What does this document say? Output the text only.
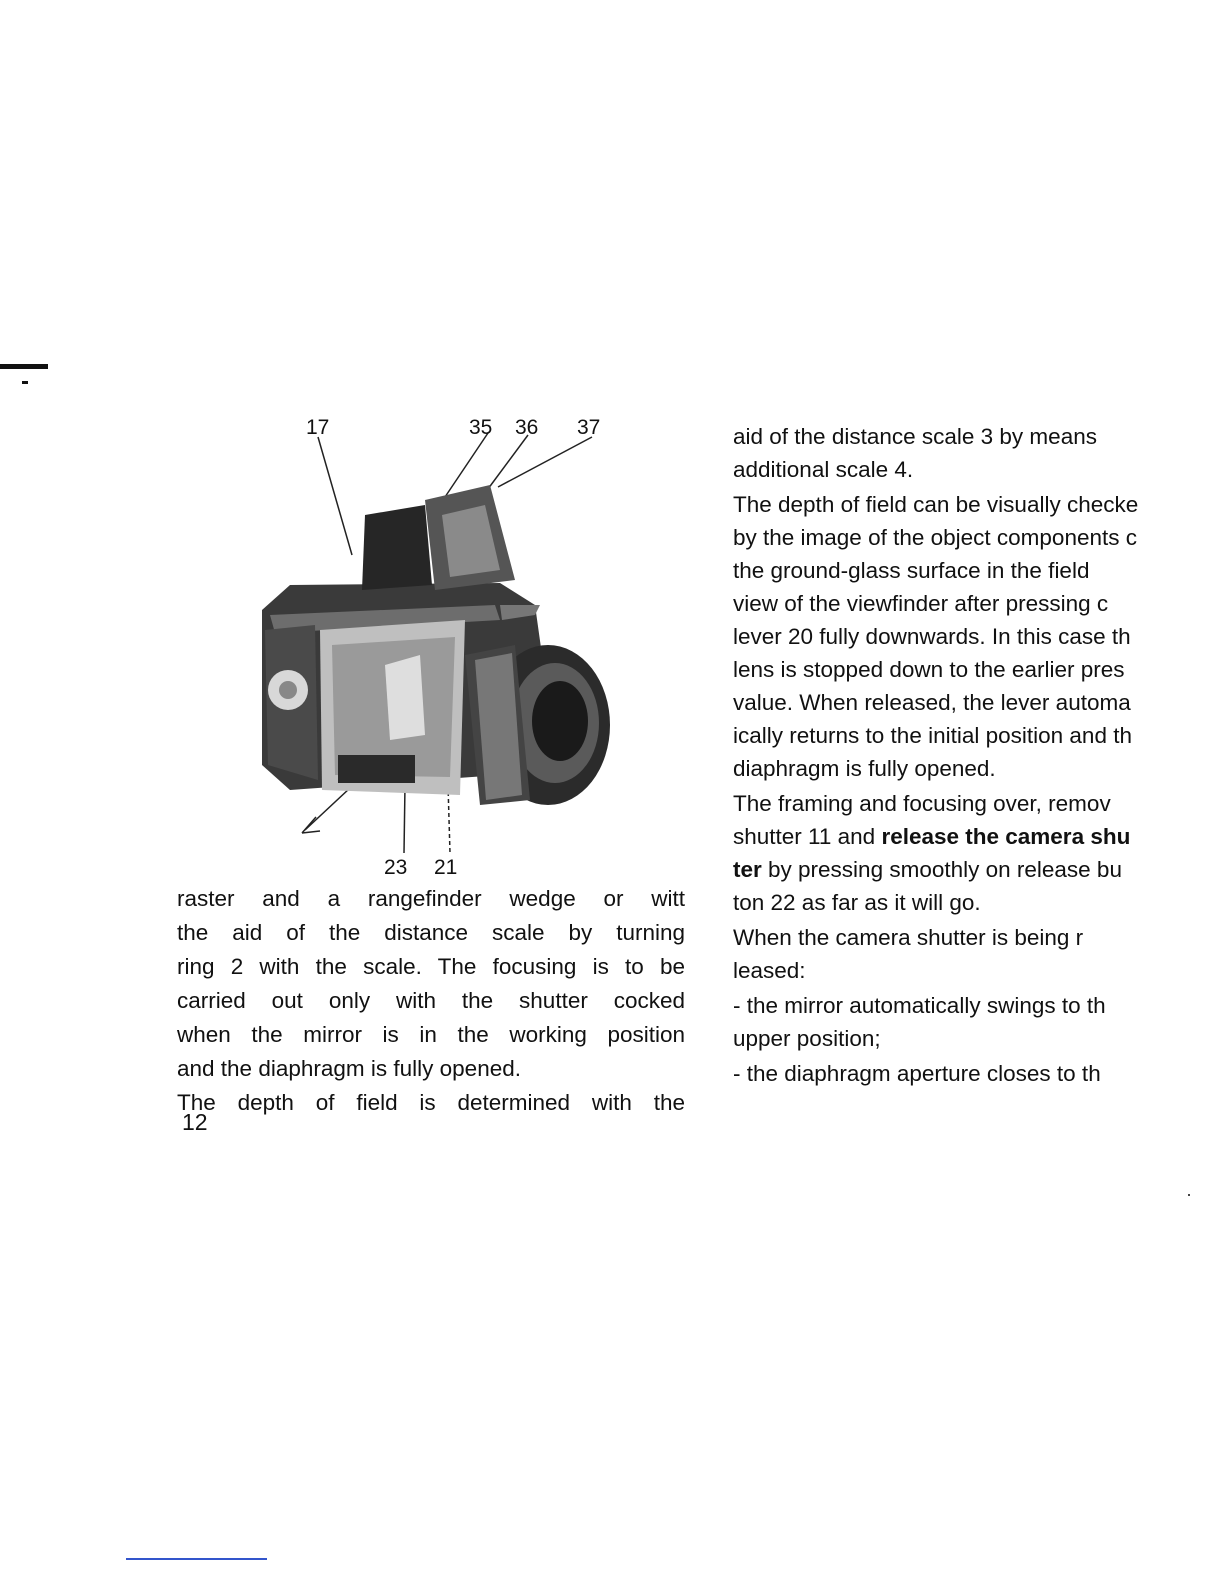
17	35 36 37
23 21

raster and a rangefinder wedge or witt

the aid of the distance scale by turning

ring 2 with the scale. The focusing is to be

carried out only with the shutter cocked

when the mirror is in the working position

and the diaphragm is fully opened.

The depth of field is determined with the

aid of the distance scale 3 by means

additional scale 4.

The depth of field can be visually checke

by the image of the object components c

the ground-glass surface in the field

view of the viewfinder after pressing c

lever 20 fully downwards. In this case th

lens is stopped down to the earlier pres

value. When released, the lever automa

ically returns to the initial position and th

diaphragm is fully opened.

The framing and focusing over, remov

shutter 11 and release the camera shu

ter by pressing smoothly on release bu

ton 22 as far as it will go.

When the camera shutter is being r

leased:

- the mirror automatically swings to th

upper position;

- the diaphragm aperture closes to th

12
